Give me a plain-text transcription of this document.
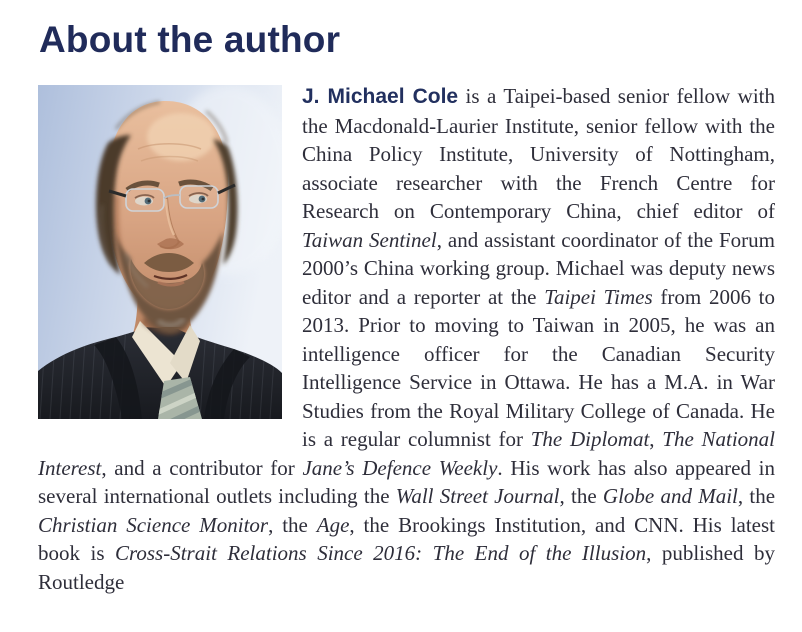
About the author

J. Michael Cole is a Taipei-based senior fellow with the Macdonald-Laurier Institute, senior fellow with the China Policy Institute, University of Nottingham, associate researcher with the French Centre for Research on Contemporary China, chief editor of Taiwan Sentinel, and assistant coordinator of the Forum 2000’s China working group. Michael was deputy news editor and a reporter at the Taipei Times from 2006 to 2013. Prior to moving to Taiwan in 2005, he was an intelligence officer for the Canadian Security Intelligence Service in Ottawa. He has a M.A. in War Studies from the Royal Military College of Canada. He is a regular columnist for The Diplomat, The National Interest, and a contributor for Jane’s Defence Weekly. His work has also appeared in several international outlets including the Wall Street Journal, the Globe and Mail, the Christian Science Monitor, the Age, the Brookings Institution, and CNN. His latest book is Cross-Strait Relations Since 2016: The End of the Illusion, published by Routledge
